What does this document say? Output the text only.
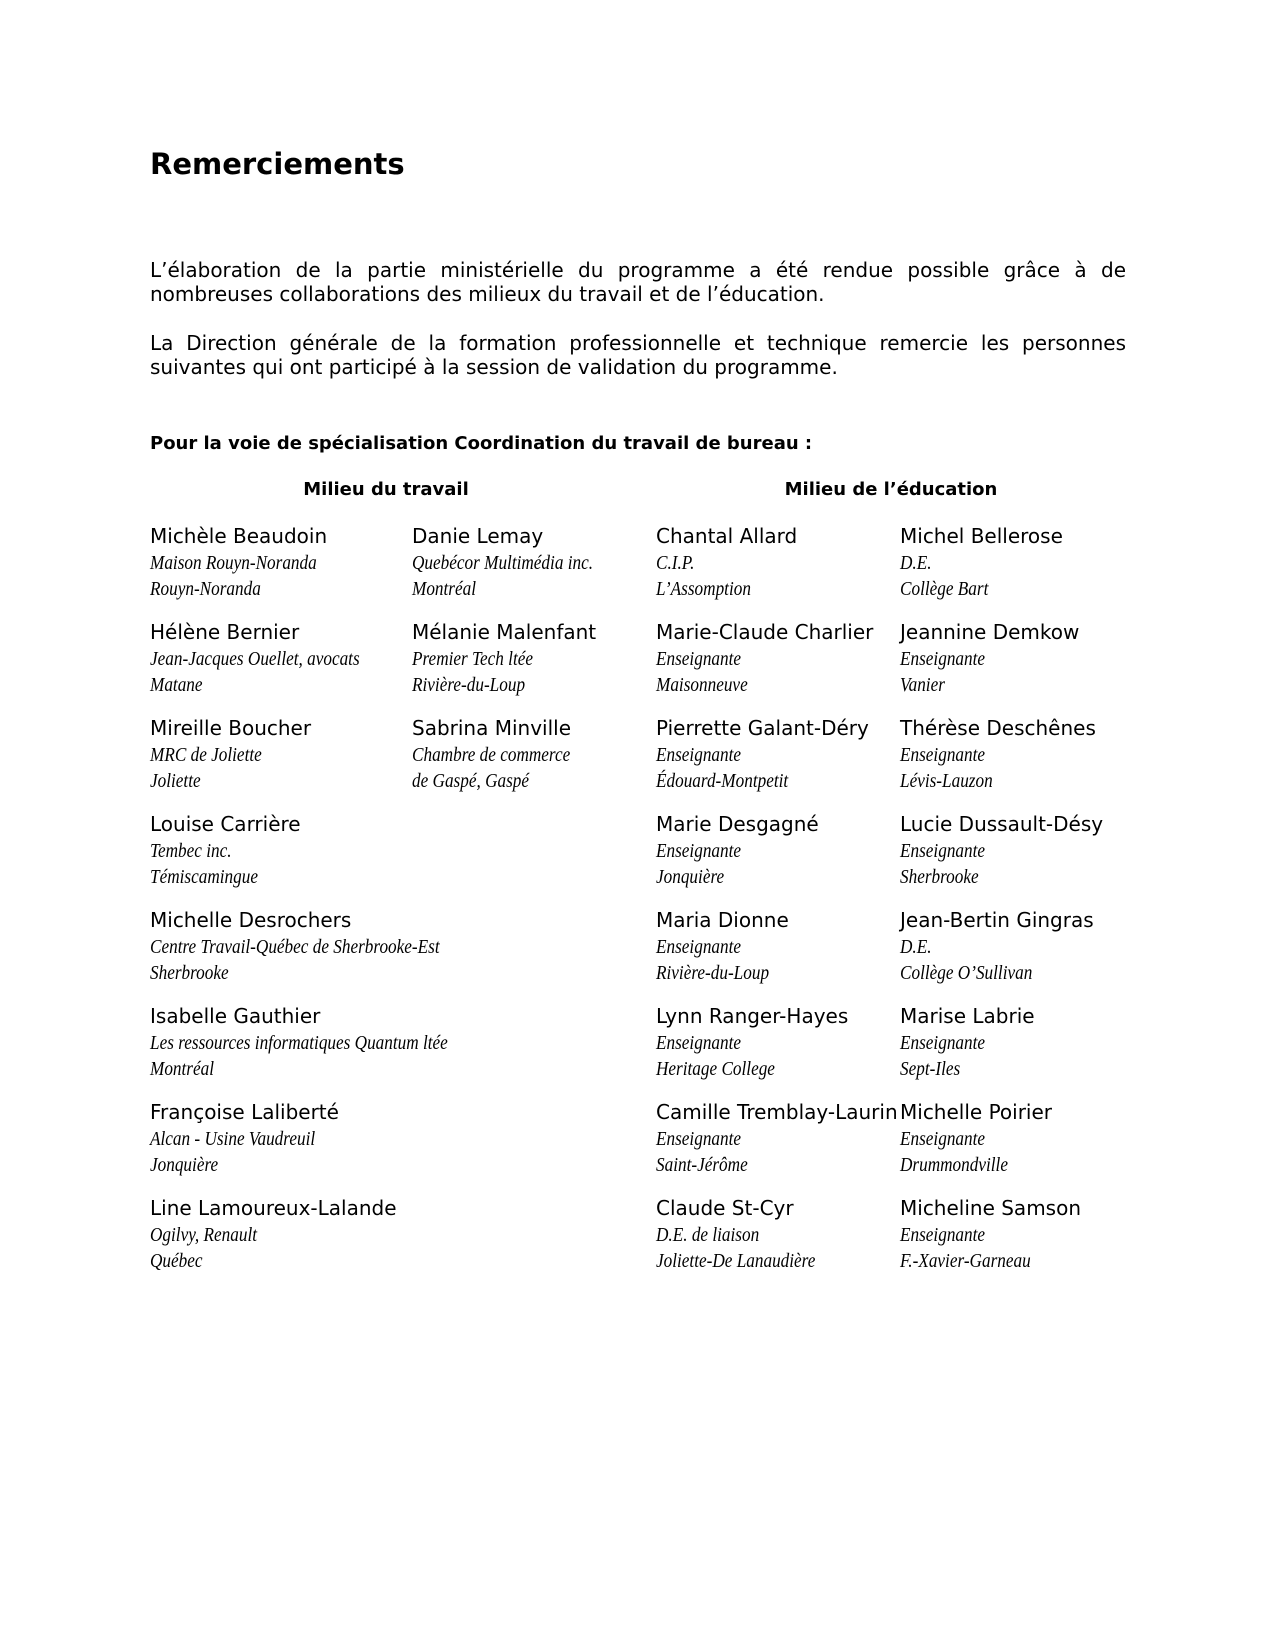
Remerciements

L’élaboration de la partie ministérielle du programme a été rendue possible grâce à de nombreuses collaborations des milieux du travail et de l’éducation.

La Direction générale de la formation professionnelle et technique remercie les personnes suivantes qui ont participé à la session de validation du programme.

Pour la voie de spécialisation Coordination du travail de bureau :

Milieu du travail	Milieu de l’éducation

Michèle Beaudoin
Maison Rouyn-Noranda
Rouyn-Noranda
Hélène Bernier
Jean-Jacques Ouellet, avocats
Matane
Mireille Boucher
MRC de Joliette
Joliette
Louise Carrière
Tembec inc.
Témiscamingue
Michelle Desrochers
Centre Travail-Québec de Sherbrooke-Est
Sherbrooke
Isabelle Gauthier
Les ressources informatiques Quantum ltée
Montréal
Françoise Laliberté
Alcan - Usine Vaudreuil
Jonquière
Line Lamoureux-Lalande
Ogilvy, Renault
Québec
Danie Lemay
Quebécor Multimédia inc.
Montréal
Mélanie Malenfant
Premier Tech ltée
Rivière-du-Loup
Sabrina Minville
Chambre de commerce
de Gaspé, Gaspé
Chantal Allard
C.I.P.
L’Assomption
Marie-Claude Charlier
Enseignante
Maisonneuve
Pierrette Galant-Déry
Enseignante
Édouard-Montpetit
Marie Desgagné
Enseignante
Jonquière
Maria Dionne
Enseignante
Rivière-du-Loup
Lynn Ranger-Hayes
Enseignante
Heritage College
Camille Tremblay-Laurin
Enseignante
Saint-Jérôme
Claude St-Cyr
D.E. de liaison
Joliette-De Lanaudière
Michel Bellerose
D.E.
Collège Bart
Jeannine Demkow
Enseignante
Vanier
Thérèse Deschênes
Enseignante
Lévis-Lauzon
Lucie Dussault-Désy
Enseignante
Sherbrooke
Jean-Bertin Gingras
D.E.
Collège O’Sullivan
Marise Labrie
Enseignante
Sept-Iles
Michelle Poirier
Enseignante
Drummondville
Micheline Samson
Enseignante
F.-Xavier-Garneau
